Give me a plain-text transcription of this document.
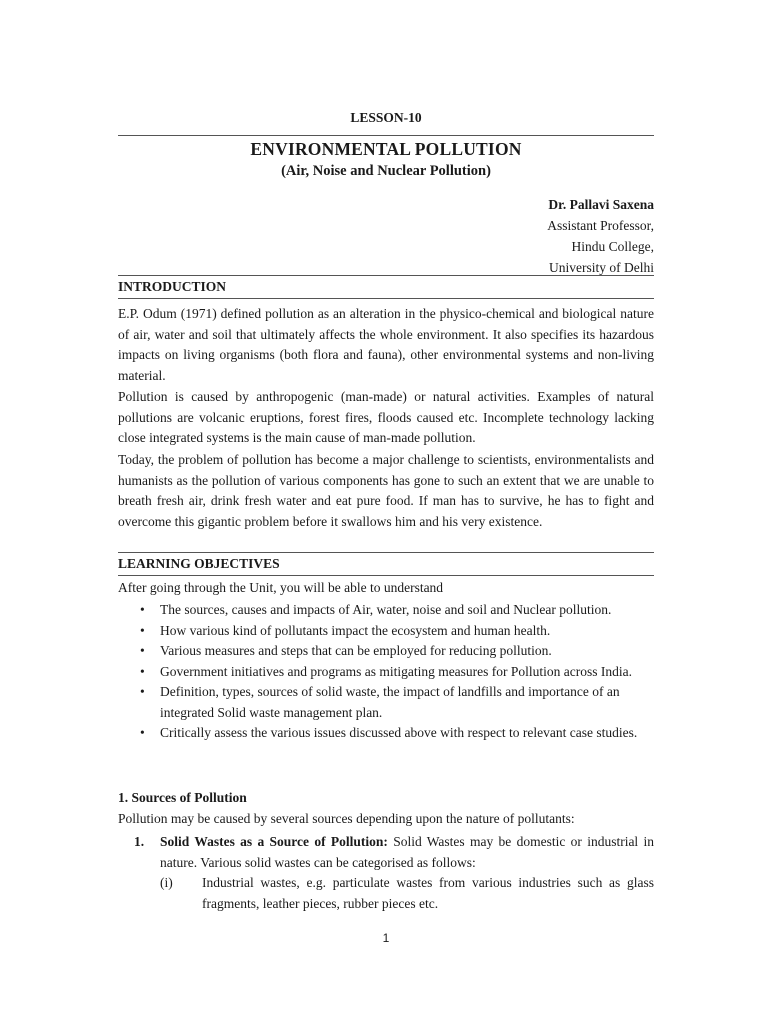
LESSON-10
ENVIRONMENTAL POLLUTION
(Air, Noise and Nuclear Pollution)
Dr. Pallavi Saxena
Assistant Professor,
Hindu College,
University of Delhi
INTRODUCTION

E.P. Odum (1971) defined pollution as an alteration in the physico-chemical and biological nature of air, water and soil that ultimately affects the whole environment. It also specifies its hazardous impacts on living organisms (both flora and fauna), other environmental systems and non-living material.

Pollution is caused by anthropogenic (man-made) or natural activities. Examples of natural pollutions are volcanic eruptions, forest fires, floods caused etc. Incomplete technology lacking close integrated systems is the main cause of man-made pollution.

Today, the problem of pollution has become a major challenge to scientists, environmentalists and humanists as the pollution of various components has gone to such an extent that we are unable to breath fresh air, drink fresh water and eat pure food. If man has to survive, he has to fight and overcome this gigantic problem before it swallows him and his very existence.

LEARNING OBJECTIVES
After going through the Unit, you will be able to understand
• The sources, causes and impacts of Air, water, noise and soil and Nuclear pollution.
• How various kind of pollutants impact the ecosystem and human health.
• Various measures and steps that can be employed for reducing pollution.
• Government initiatives and programs as mitigating measures for Pollution across India.
• Definition, types, sources of solid waste, the impact of landfills and importance of an integrated Solid waste management plan.
• Critically assess the various issues discussed above with respect to relevant case studies.
1. Sources of Pollution
Pollution may be caused by several sources depending upon the nature of pollutants:
1. Solid Wastes as a Source of Pollution: Solid Wastes may be domestic or industrial in nature. Various solid wastes can be categorised as follows:
(i) Industrial wastes, e.g. particulate wastes from various industries such as glass fragments, leather pieces, rubber pieces etc.
1
